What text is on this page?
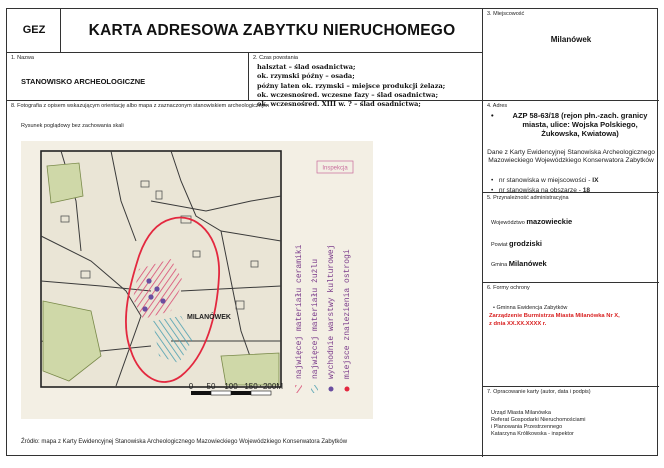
GEZ	KARTA ADRESOWA ZABYTKU NIERUCHOMEGO
3. Miejscowość
Milanówek
1. Nazwa
STANOWISKO ARCHEOLOGICZNE
2. Czas powstania
halsztat – ślad osadnictwa;
ok. rzymski późny – osada;
późny laten ok. rzymski – miejsce produkcji żelaza;
ok. wczesnośred. wczesne fazy – ślad osadnictwa;
ok. wczesnośred. XIII w. ? – ślad osadnictwa;
8. Fotografia z opisem wskazującym orientację albo mapa z zaznaczonym stanowiskiem archeologicznym
Rysunek poglądowy bez zachowania skali
MILANÓWEK
0 50 100 150 200M
Inspekcja
najwięcej materiału ceramiki najwięcej materiału żużlu wychodnie warstwy kulturowej miejsce znalezienia ostrogi
Źródło: mapa z Karty Ewidencyjnej Stanowiska Archeologicznego Mazowieckiego Wojewódzkiego Konserwatora Zabytków
4. Adres
•	AZP 58-63/18 (rejon płn.-zach. granicy miasta, ulice: Wojska Polskiego, Żukowska, Kwiatowa)
Dane z Karty Ewidencyjnej Stanowiska Archeologicznego Mazowieckiego Wojewódzkiego Konserwatora Zabytków
• nr stanowiska w miejscowości - IX
• nr stanowiska na obszarze - 18
5. Przynależność administracyjna
Województwo mazowieckie
Powiat grodziski
Gmina Milanówek
6. Formy ochrony
• Gminna Ewidencja Zabytków
Zarządzenie Burmistrza Miasta Milanówka Nr X,
z dnia XX.XX.XXXX r.
7. Opracowanie karty (autor, data i podpis)
Urząd Miasta Milanówka
Referat Gospodarki Nieruchomościami
i Planowania Przestrzennego
Katarzyna Królikowska - inspektor
